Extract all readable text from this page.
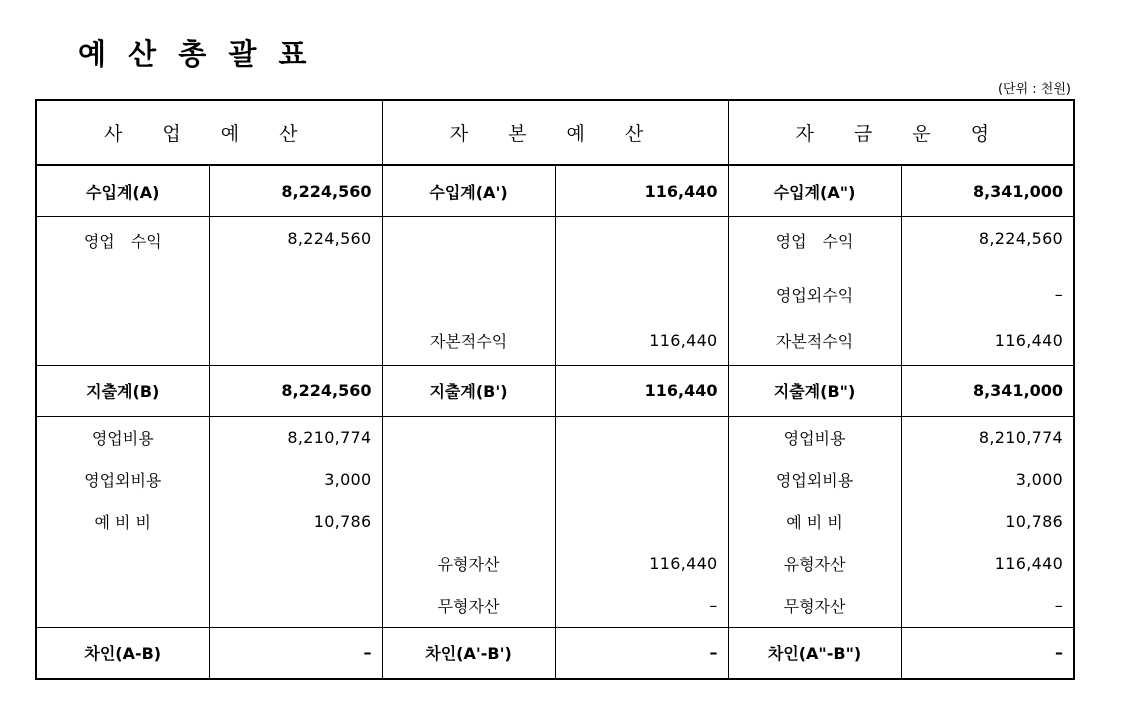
예 산 총 괄 표
(단위 : 천원)
사 업 예 산		자 본 예 산		자 금 운 영	
수입계(A)	8,224,560	수입계(A')	116,440	수입계(A")	8,341,000
영업　수익	8,224,560			영업　수익	8,224,560
				영업외수익	–
		자본적수익	116,440	자본적수익	116,440
지출계(B)	8,224,560	지출계(B')	116,440	지출계(B")	8,341,000
영업비용	8,210,774			영업비용	8,210,774
영업외비용	3,000			영업외비용	3,000
예 비 비	10,786			예 비 비	10,786
		유형자산	116,440	유형자산	116,440
		무형자산	–	무형자산	–
차인(A-B)	–	차인(A'-B')	–	차인(A"-B")	–
